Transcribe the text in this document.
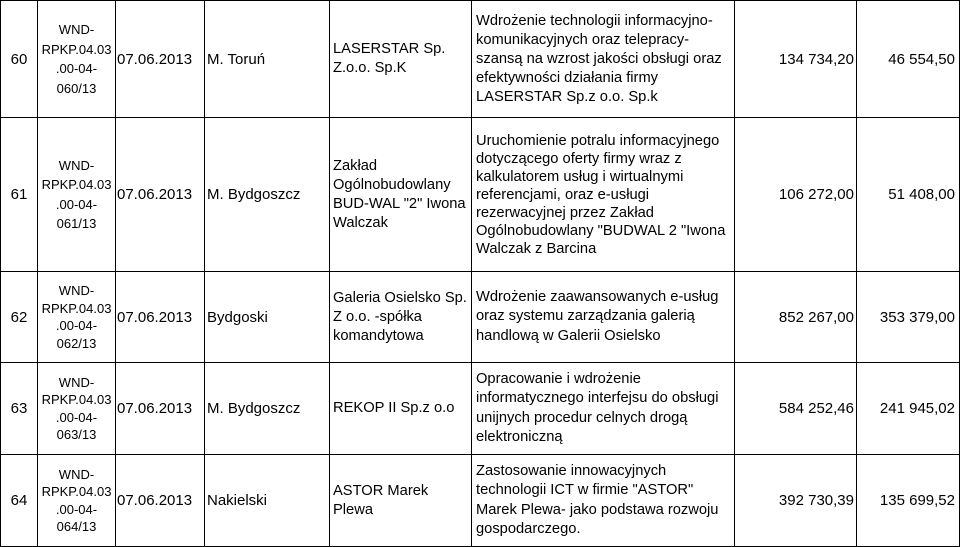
60
WND-
RPKP.04.03
.00-04-
060/13
07.06.2013 M. Toruń
LASERSTAR Sp.
Z.o.o. Sp.K
Wdrożenie technologii informacyjno-
komunikacyjnych oraz telepracy-
szansą na wzrost jakości obsługi oraz
efektywności działania firmy
LASERSTAR Sp.z o.o. Sp.k
134 734,20 46 554,50
61
WND-
RPKP.04.03
.00-04-
061/13
07.06.2013 M. Bydgoszcz
Zakład
Ogólnobudowlany
BUD-WAL "2" Iwona
Walczak
Uruchomienie potralu informacyjnego
dotyczącego oferty firmy wraz z
kalkulatorem usług i wirtualnymi
referencjami, oraz e-usługi
rezerwacyjnej przez Zakład
Ogólnobudowlany "BUDWAL 2 "Iwona
Walczak z Barcina
106 272,00 51 408,00
62
WND-
RPKP.04.03
.00-04-
062/13
07.06.2013 Bydgoski
Galeria Osielsko Sp.
Z o.o. -spółka
komandytowa
Wdrożenie zaawansowanych e-usług
oraz systemu zarządzania galerią
handlową w Galerii Osielsko
852 267,00 353 379,00
63
WND-
RPKP.04.03
.00-04-
063/13
07.06.2013 M. Bydgoszcz REKOP II Sp.z o.o
Opracowanie i wdrożenie
informatycznego interfejsu do obsługi
unijnych procedur celnych drogą
elektroniczną
584 252,46 241 945,02
64
WND-
RPKP.04.03
.00-04-
064/13
07.06.2013 Nakielski
ASTOR Marek
Plewa
Zastosowanie innowacyjnych
technologii ICT w firmie "ASTOR"
Marek Plewa- jako podstawa rozwoju
gospodarczego.
392 730,39 135 699,52
